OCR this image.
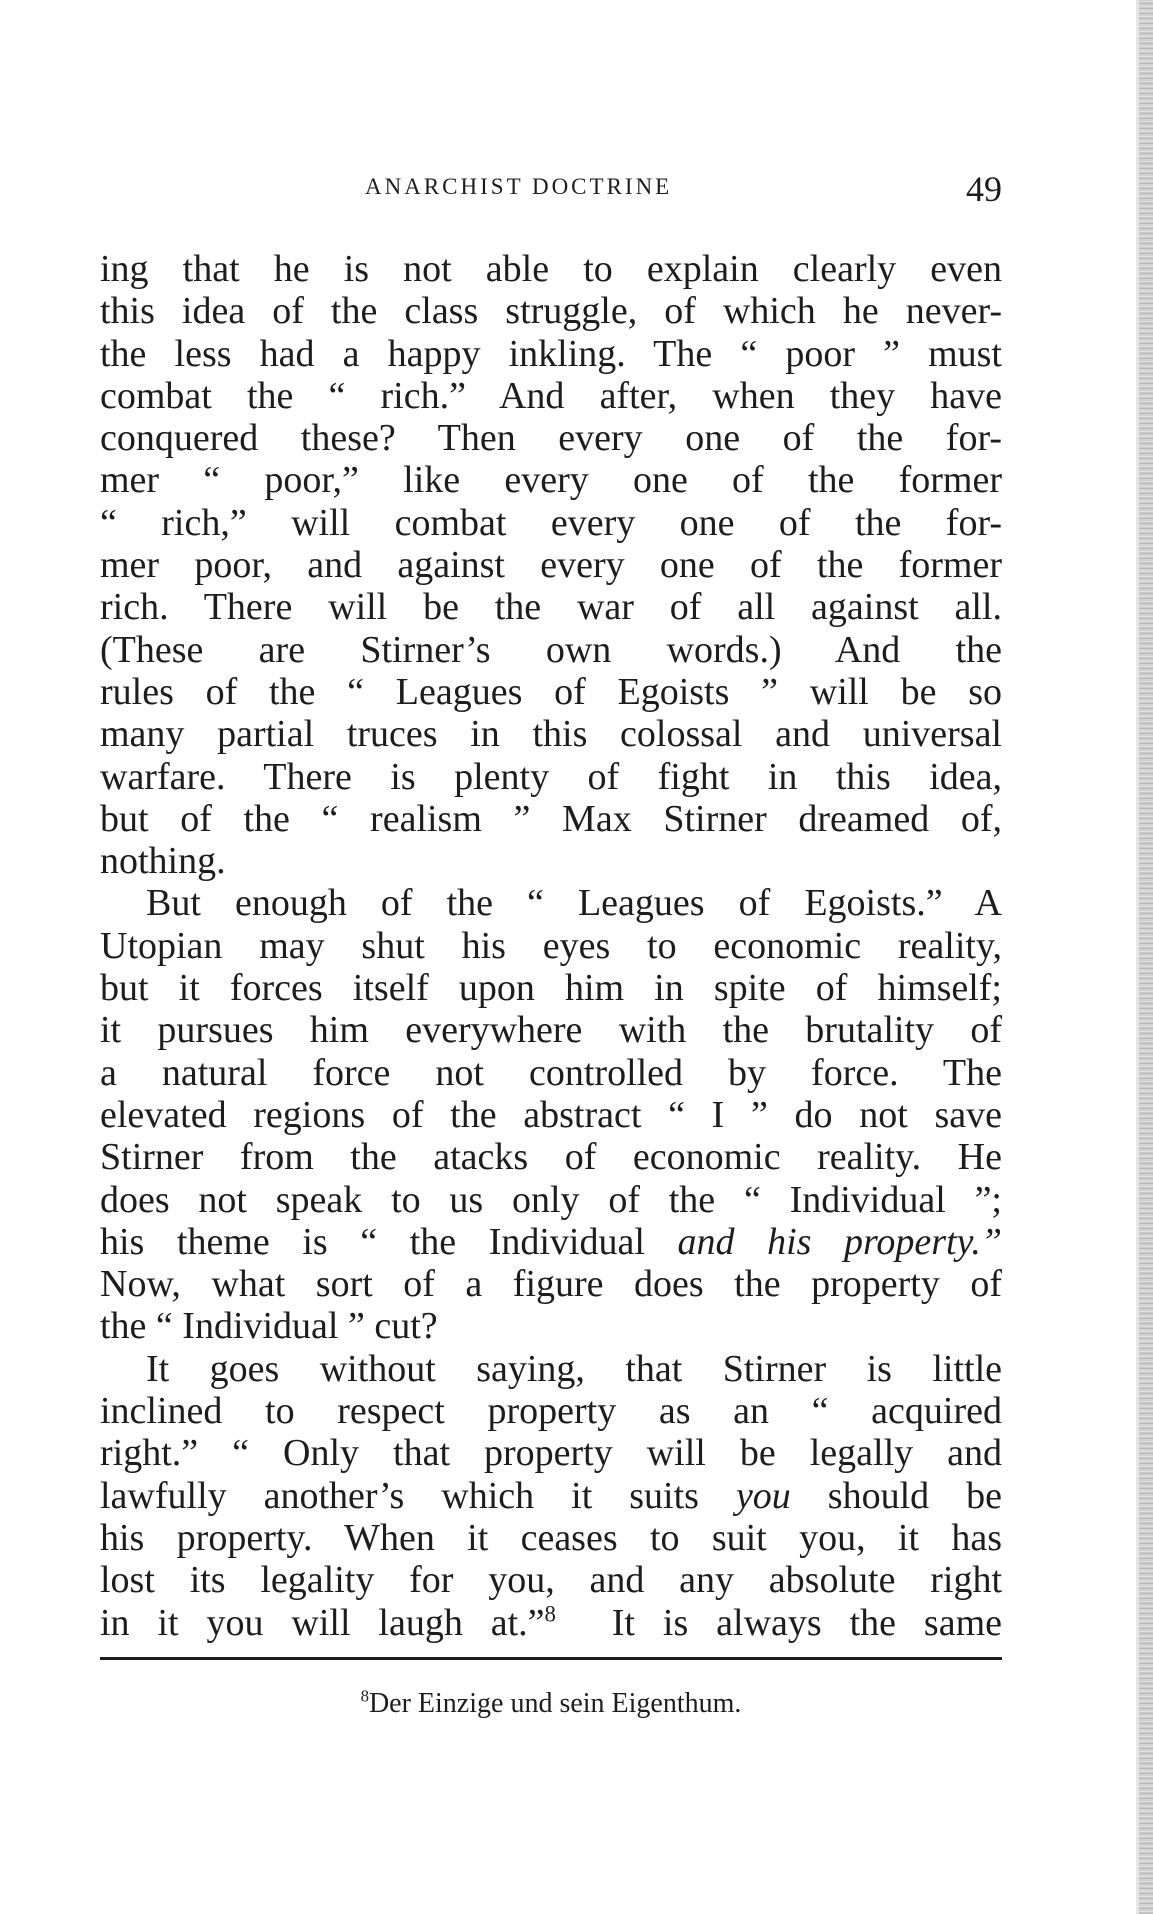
ANARCHIST DOCTRINE	49
ing that he is not able to explain clearly even
this idea of the class struggle, of which he never-
the less had a happy inkling. The “ poor ” must
combat the “ rich.” And after, when they have
conquered these? Then every one of the for-
mer “ poor,” like every one of the former
“ rich,” will combat every one of the for-
mer poor, and against every one of the former
rich. There will be the war of all against all.
(These are Stirner’s own words.) And the
rules of the “ Leagues of Egoists ” will be so
many partial truces in this colossal and universal
warfare. There is plenty of fight in this idea,
but of the “ realism ” Max Stirner dreamed of,
nothing.
But enough of the “ Leagues of Egoists.” A
Utopian may shut his eyes to economic reality,
but it forces itself upon him in spite of himself;
it pursues him everywhere with the brutality of
a natural force not controlled by force. The
elevated regions of the abstract “ I ” do not save
Stirner from the atacks of economic reality. He
does not speak to us only of the “ Individual ”;
his theme is “ the Individual and his property.”
Now, what sort of a figure does the property of
the “ Individual ” cut?
It goes without saying, that Stirner is little
inclined to respect property as an “ acquired
right.” “ Only that property will be legally and
lawfully another’s which it suits you should be
his property. When it ceases to suit you, it has
lost its legality for you, and any absolute right
in it you will laugh at.”$^8$ It is always the same
$^8$Der Einzige und sein Eigenthum.
